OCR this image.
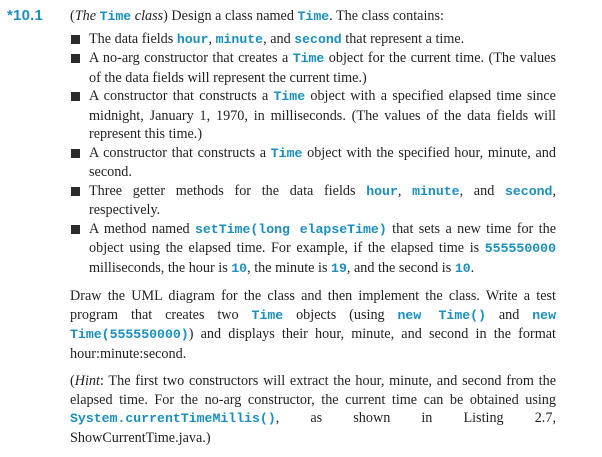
*10.1 (The Time class) Design a class named Time. The class contains:

The data fields hour, minute, and second that represent a time.
A no-arg constructor that creates a Time object for the current time. (The values of the data fields will represent the current time.)
A constructor that constructs a Time object with a specified elapsed time since midnight, January 1, 1970, in milliseconds. (The values of the data fields will represent this time.)
A constructor that constructs a Time object with the specified hour, minute, and second.
Three getter methods for the data fields hour, minute, and second, respectively.
A method named setTime(long elapseTime) that sets a new time for the object using the elapsed time. For example, if the elapsed time is 555550000 milliseconds, the hour is 10, the minute is 19, and the second is 10.

Draw the UML diagram for the class and then implement the class. Write a test program that creates two Time objects (using new Time() and new Time(555550000)) and displays their hour, minute, and second in the format hour:minute:second.

(Hint: The first two constructors will extract the hour, minute, and second from the elapsed time. For the no-arg constructor, the current time can be obtained using System.currentTimeMillis(), as shown in Listing 2.7, ShowCurrentTime.java.)
